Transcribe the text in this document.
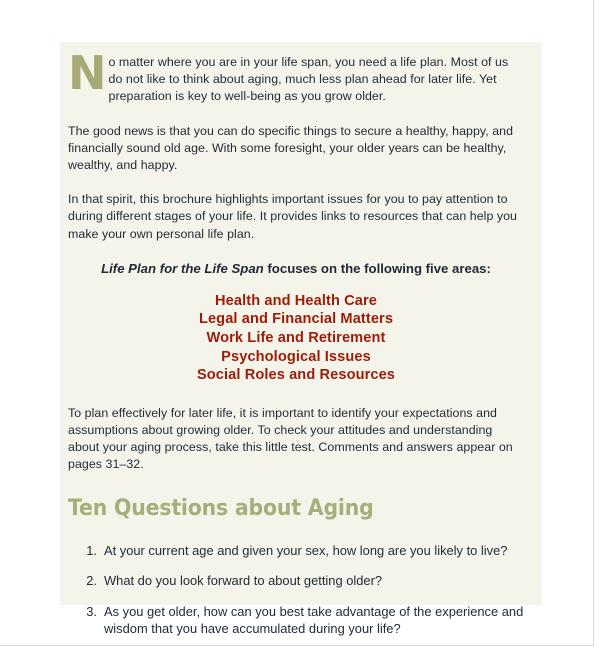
No matter where you are in your life span, you need a life plan. Most of us do not like to think about aging, much less plan ahead for later life. Yet preparation is key to well-being as you grow older.

The good news is that you can do specific things to secure a healthy, happy, and financially sound old age. With some foresight, your older years can be healthy, wealthy, and happy.

In that spirit, this brochure highlights important issues for you to pay attention to during different stages of your life. It provides links to resources that can help you make your own personal life plan.

Life Plan for the Life Span focuses on the following five areas:

Health and Health Care
Legal and Financial Matters
Work Life and Retirement
Psychological Issues
Social Roles and Resources

To plan effectively for later life, it is important to identify your expectations and assumptions about growing older. To check your attitudes and understanding about your aging process, take this little test. Comments and answers appear on pages 31–32.

Ten Questions about Aging
1. At your current age and given your sex, how long are you likely to live?
2. What do you look forward to about getting older?
3. As you get older, how can you best take advantage of the experience and wisdom that you have accumulated during your life?
